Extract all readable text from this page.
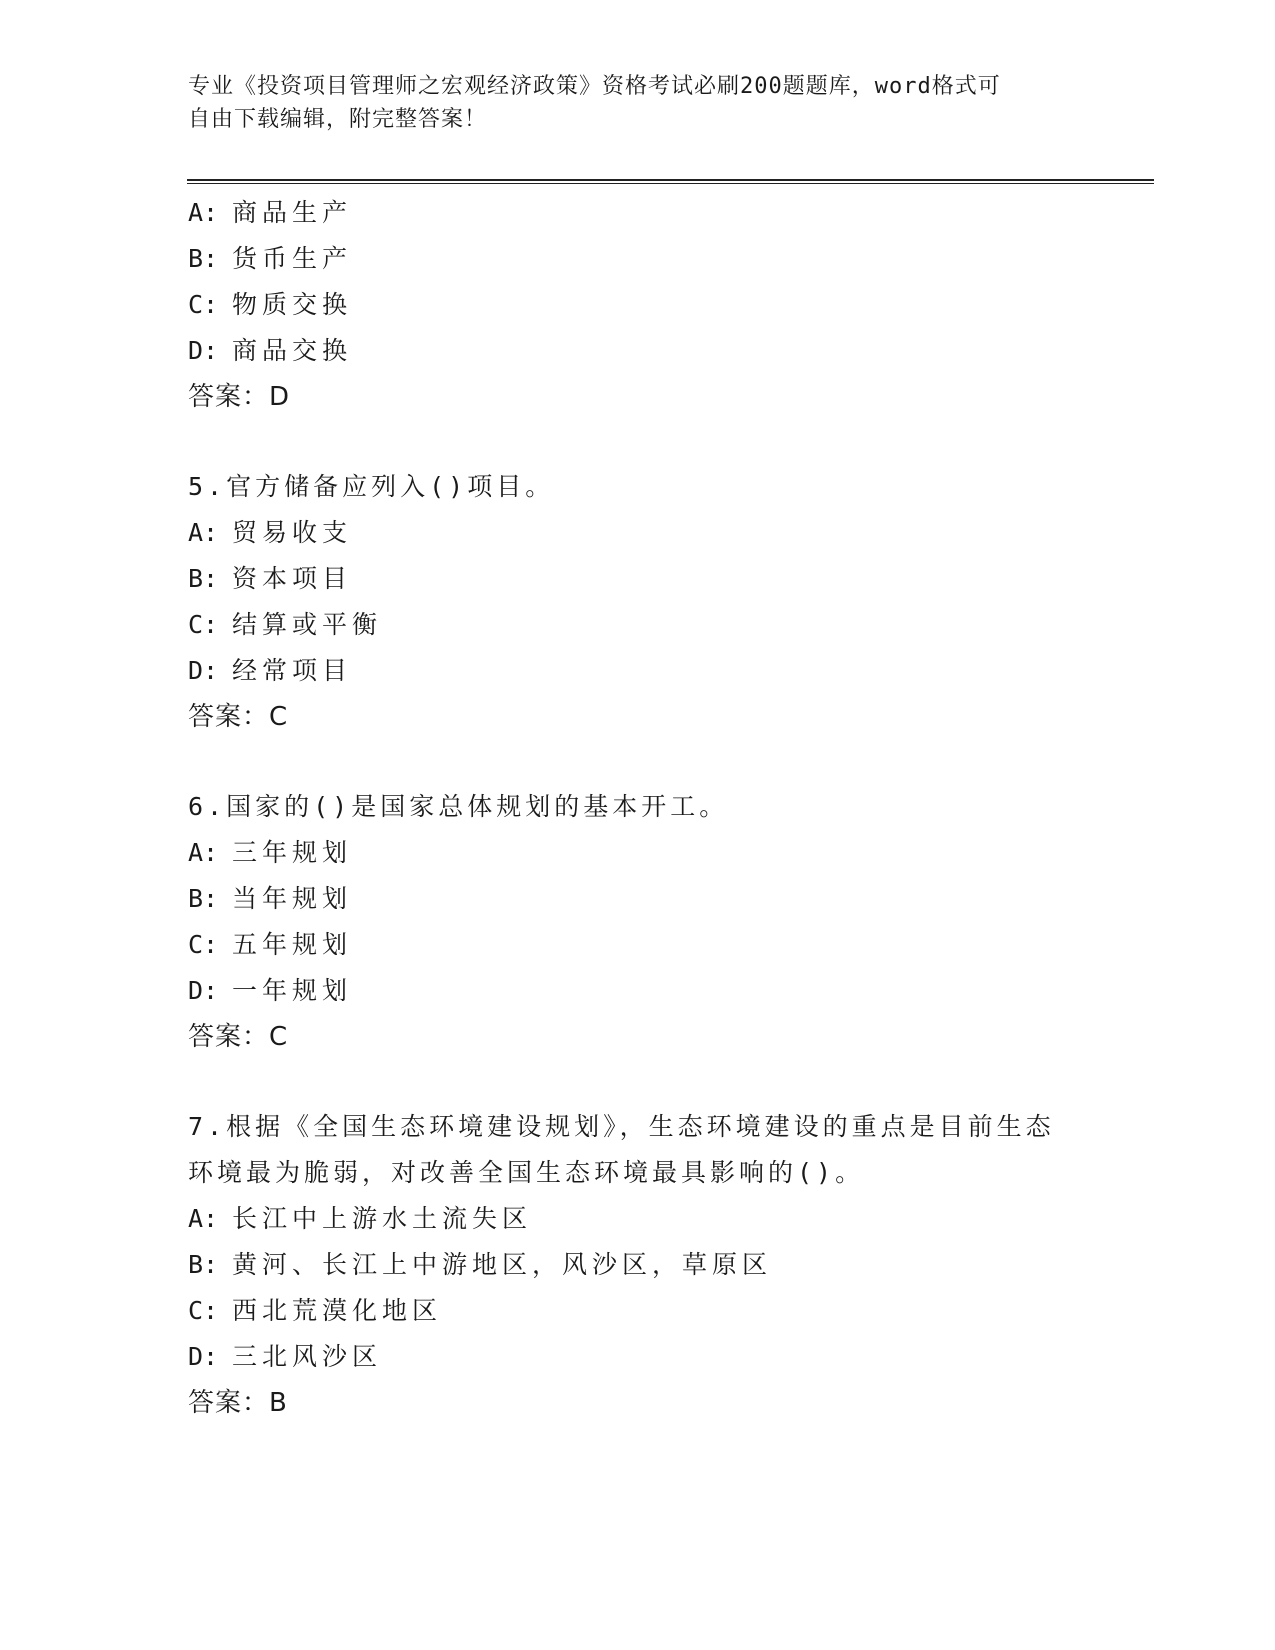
专业《投资项目管理师之宏观经济政策》资格考试必刷200题题库，word格式可
自由下载编辑，附完整答案！
A: 商品生产
B: 货币生产
C: 物质交换
D: 商品交换
答案：D
5.官方储备应列入()项目。
A: 贸易收支
B: 资本项目
C: 结算或平衡
D: 经常项目
答案：C
6.国家的()是国家总体规划的基本开工。
A: 三年规划
B: 当年规划
C: 五年规划
D: 一年规划
答案：C
7.根据《全国生态环境建设规划》，生态环境建设的重点是目前生态
环境最为脆弱，对改善全国生态环境最具影响的()。
A: 长江中上游水土流失区
B: 黄河、长江上中游地区，风沙区，草原区
C: 西北荒漠化地区
D: 三北风沙区
答案：B
